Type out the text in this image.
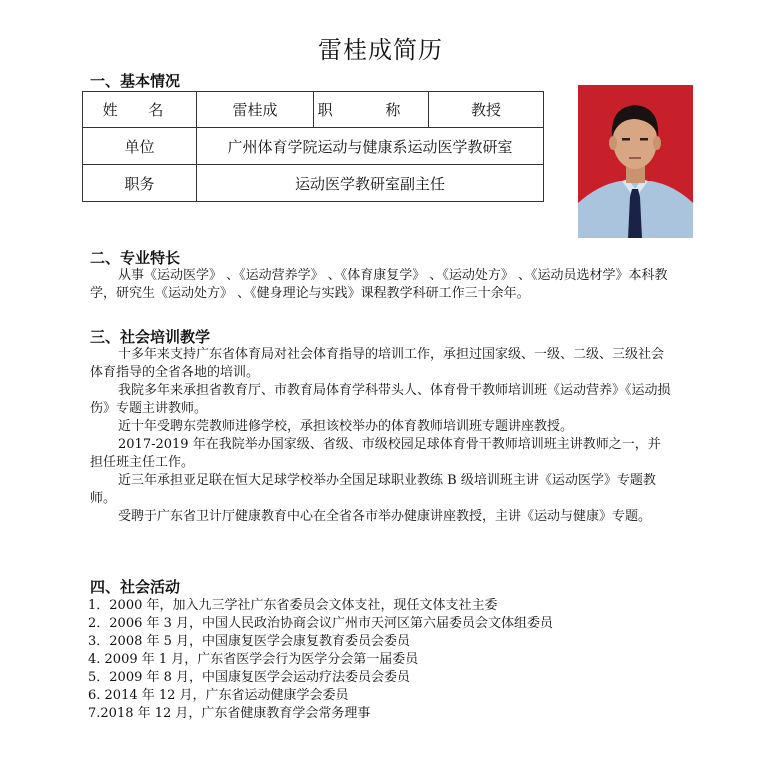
雷桂成简历
一、基本情况
姓 名	雷桂成	职 称	教授
单位	广州体育学院运动与健康系运动医学教研室		
职务	运动医学教研室副主任		
二、专业特长

从事《运动医学》 、《运动营养学》 、《体育康复学》 、《运动处方》 、《运动员选材学》本科教学，研究生《运动处方》 、《健身理论与实践》课程教学科研工作三十余年。

三、社会培训教学

十多年来支持广东省体育局对社会体育指导的培训工作，承担过国家级、一级、二级、三级社会体育指导的全省各地的培训。

我院多年来承担省教育厅、市教育局体育学科带头人、体育骨干教师培训班《运动营养》《运动损伤》专题主讲教师。

近十年受聘东莞教师进修学校，承担该校举办的体育教师培训班专题讲座教授。

2017-2019 年在我院举办国家级、省级、市级校园足球体育骨干教师培训班主讲教师之一，并担任班主任工作。

近三年承担亚足联在恒大足球学校举办全国足球职业教练 B 级培训班主讲《运动医学》专题教师。

受聘于广东省卫计厅健康教育中心在全省各市举办健康讲座教授，主讲《运动与健康》专题。

四、社会活动
1．2000 年，加入九三学社广东省委员会文体支社，现任文体支社主委
2．2006 年 3 月，中国人民政治协商会议广州市天河区第六届委员会文体组委员
3．2008 年 5 月，中国康复医学会康复教育委员会委员
4. 2009 年 1 月，广东省医学会行为医学分会第一届委员
5．2009 年 8 月，中国康复医学会运动疗法委员会委员
6. 2014 年 12 月，广东省运动健康学会委员
7.2018 年 12 月，广东省健康教育学会常务理事
